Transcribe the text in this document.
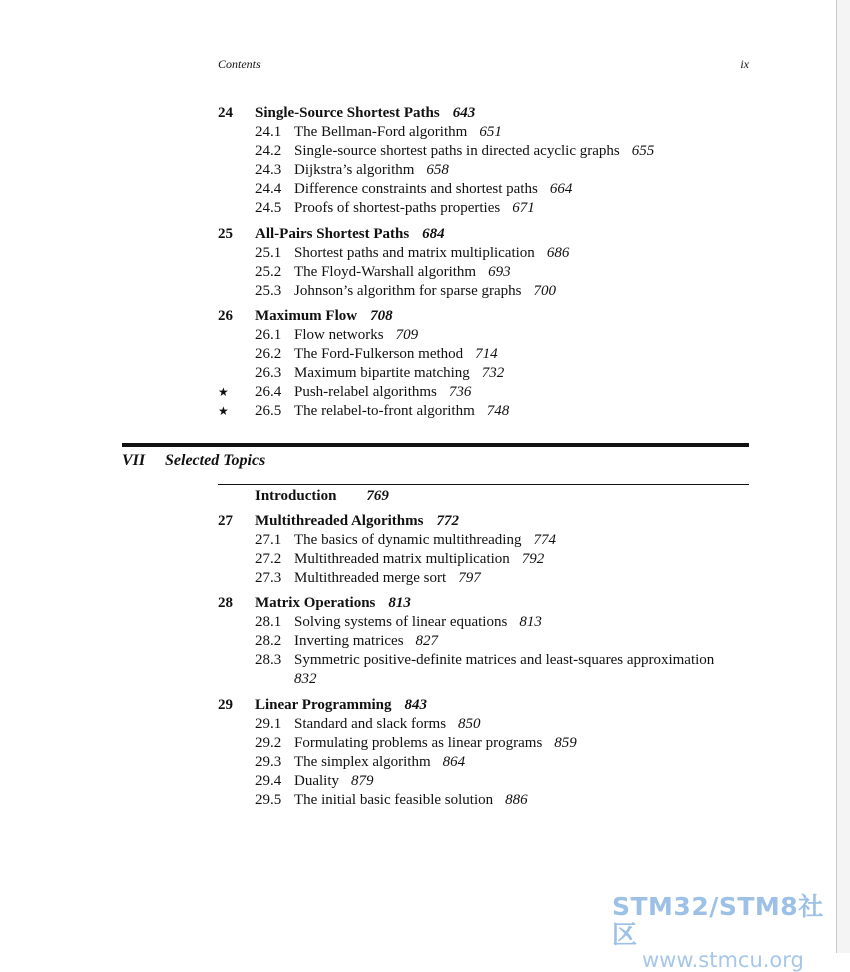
Contents	ix
24 Single-Source Shortest Paths 643
24.1 The Bellman-Ford algorithm 651
24.2 Single-source shortest paths in directed acyclic graphs 655
24.3 Dijkstra’s algorithm 658
24.4 Difference constraints and shortest paths 664
24.5 Proofs of shortest-paths properties 671
25 All-Pairs Shortest Paths 684
25.1 Shortest paths and matrix multiplication 686
25.2 The Floyd-Warshall algorithm 693
25.3 Johnson’s algorithm for sparse graphs 700
26 Maximum Flow 708
26.1 Flow networks 709
26.2 The Ford-Fulkerson method 714
26.3 Maximum bipartite matching 732
★ 26.4 Push-relabel algorithms 736
★ 26.5 The relabel-to-front algorithm 748
VII Selected Topics
Introduction 769
27 Multithreaded Algorithms 772
27.1 The basics of dynamic multithreading 774
27.2 Multithreaded matrix multiplication 792
27.3 Multithreaded merge sort 797
28 Matrix Operations 813
28.1 Solving systems of linear equations 813
28.2 Inverting matrices 827
28.3 Symmetric positive-definite matrices and least-squares approximation
832
29 Linear Programming 843
29.1 Standard and slack forms 850
29.2 Formulating problems as linear programs 859
29.3 The simplex algorithm 864
29.4 Duality 879
29.5 The initial basic feasible solution 886
STM32/STM8社区
www.stmcu.org
